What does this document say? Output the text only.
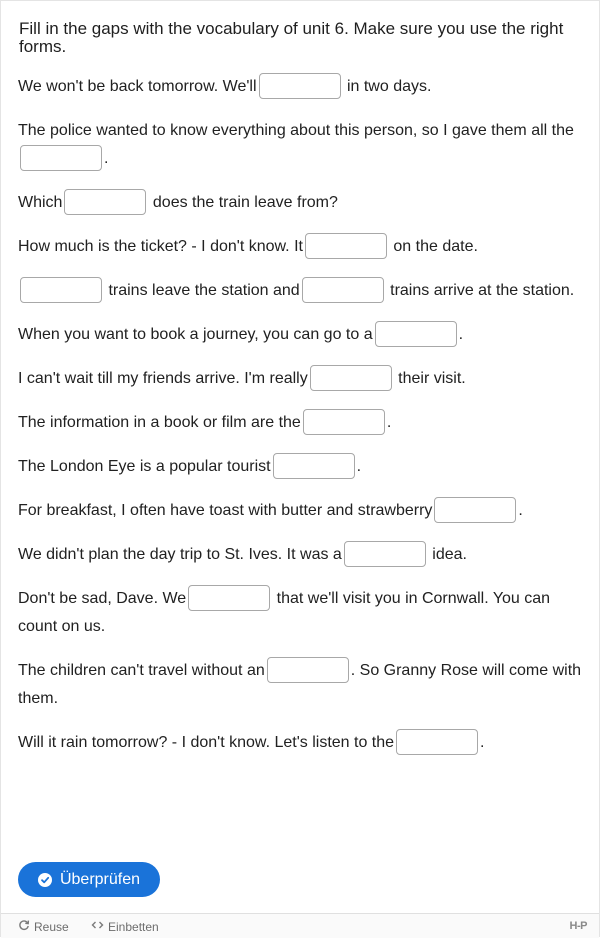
Fill in the gaps with the vocabulary of unit 6. Make sure you use the right forms.

We won't be back tomorrow. We'll	in two days.

The police wanted to know everything about this person, so I gave them all the .

Which	does the train leave from?

How much is the ticket? - I don't know. It	on the date.

trains leave the station and	trains arrive at the station.

When you want to book a journey, you can go to a	.

I can't wait till my friends arrive. I'm really	their visit.

The information in a book or film are the	.

The London Eye is a popular tourist	.

For breakfast, I often have toast with butter and strawberry	.

We didn't plan the day trip to St. Ives. It was a	idea.

Don't be sad, Dave. We	that we'll visit you in Cornwall. You can count on us.

The children can't travel without an	. So Granny Rose will come with them.

Will it rain tomorrow? - I don't know. Let's listen to the	.

Überprüfen
Reuse	Einbetten	H-P
